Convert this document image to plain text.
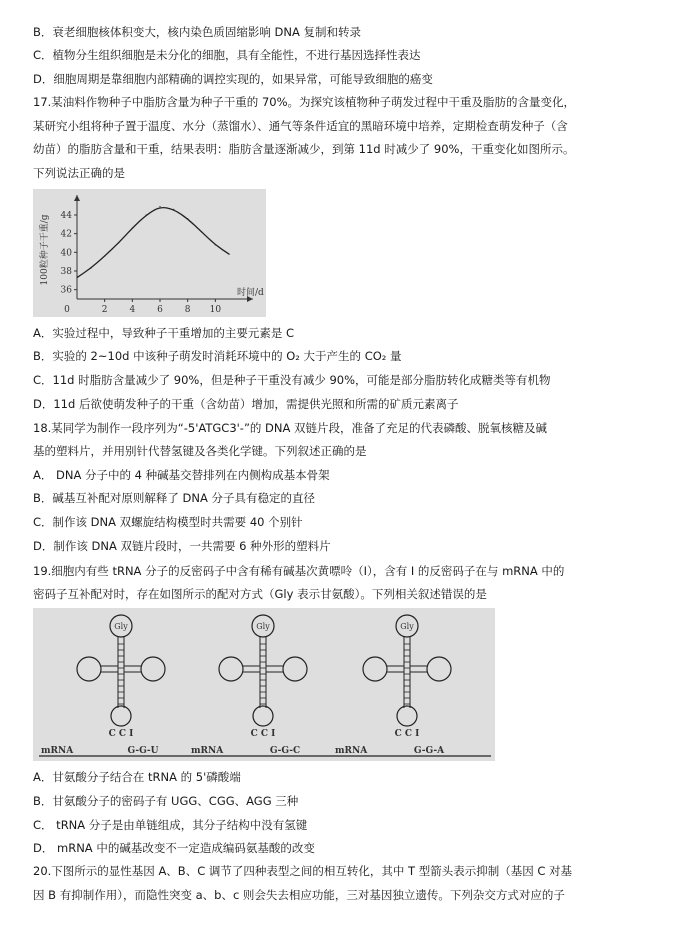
B．衰老细胞核体积变大，核内染色质固缩影响 DNA 复制和转录
C．植物分生组织细胞是未分化的细胞，具有全能性，不进行基因选择性表达
D．细胞周期是靠细胞内部精确的调控实现的，如果异常，可能导致细胞的癌变
17.某油料作物种子中脂肪含量为种子干重的 70%。为探究该植物种子萌发过程中干重及脂肪的含量变化，
某研究小组将种子置于温度、水分（蒸馏水）、通气等条件适宜的黑暗环境中培养，定期检查萌发种子（含
幼苗）的脂肪含量和干重，结果表明：脂肪含量逐渐减少，到第 11d 时减少了 90%，干重变化如图所示。
下列说法正确的是
36
38
40
42
44
2 4 6 8 10
0
100粒种子干重/g
时间/d
A．实验过程中，导致种子干重增加的主要元素是 C
B．实验的 2~10d 中该种子萌发时消耗环境中的 O₂ 大于产生的 CO₂ 量
C．11d 时脂肪含量减少了 90%，但是种子干重没有减少 90%，可能是部分脂肪转化成糖类等有机物
D．11d 后欲使萌发种子的干重（含幼苗）增加，需提供光照和所需的矿质元素离子
18.某同学为制作一段序列为“-5'ATGC3'-”的 DNA 双链片段，准备了充足的代表磷酸、脱氧核糖及碱
基的塑料片，并用别针代替氢键及各类化学键。下列叙述正确的是
A． DNA 分子中的 4 种碱基交替排列在内侧构成基本骨架
B．碱基互补配对原则解释了 DNA 分子具有稳定的直径
C．制作该 DNA 双螺旋结构模型时共需要 40 个别针
D．制作该 DNA 双链片段时，一共需要 6 种外形的塑料片
19.细胞内有些 tRNA 分子的反密码子中含有稀有碱基次黄嘌呤（I），含有 I 的反密码子在与 mRNA 中的
密码子互补配对时，存在如图所示的配对方式（Gly 表示甘氨酸）。下列相关叙述错误的是
mRNA
Gly
C C I
G-G-U
Gly
C C I
G-G-C
mRNA
Gly
C C I
G-G-A
mRNA
A．甘氨酸分子结合在 tRNA 的 5'磷酸端
B．甘氨酸分子的密码子有 UGG、CGG、AGG 三种
C． tRNA 分子是由单链组成，其分子结构中没有氢键
D． mRNA 中的碱基改变不一定造成编码氨基酸的改变
20.下图所示的显性基因 A、B、C 调节了四种表型之间的相互转化，其中 T 型箭头表示抑制（基因 C 对基
因 B 有抑制作用），而隐性突变 a、b、c 则会失去相应功能，三对基因独立遗传。下列杂交方式对应的子
